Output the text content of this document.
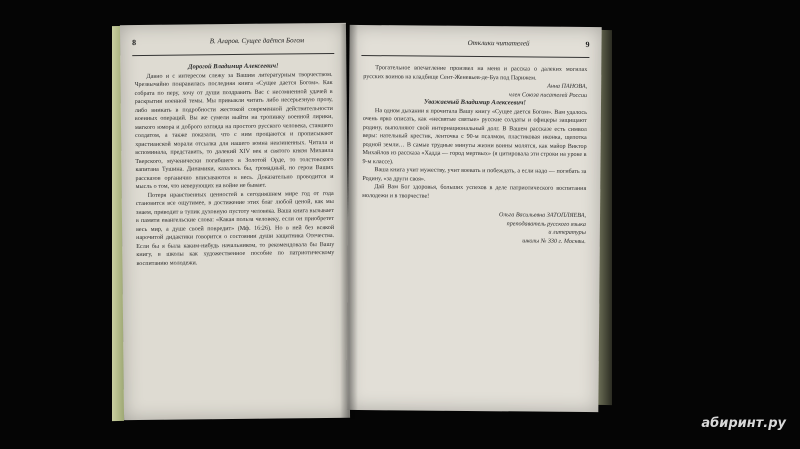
8	В. Агаров. Сущее даётся Богом

Дорогой Владимир Алексеевич!

Давно и с интересом слежу за Вашим литературным творчеством. Чрезвычайно понравилась последняя книга «Сущее дается Богом». Как собрата по перу, хочу от души поздравить Вас с несомненной удачей в раскрытии военной темы. Мы привыкли читать либо несерьезную прозу, либо вникать в подробности жестокой современной действительности военных операций. Вы же сумели выйти на тропинку военной лирики, мягкого юмора и доброго взгляда на простого русского человека, ставшего солдатом, а также показали, что с ним прощаются и прописывают христианской морали отсылка для нашего воина невзиненных. Читала и вспоминала, представить, то далекий XIV век и святого князя Михаила Тверского, мученически погибшего в Золотой Орде, то толстовского капитана Тушина. Динамики, казалось бы, громадный, но герои Ваших рассказов органично вписываются в весь. Доказательно проводится и мысль о том, что неверующих на войне не бывает.

Потеря нравственных ценностей в сегодняшнем мире год от года становится все ощутимее, в достижение этих благ любой ценой, как мы знаем, приводит в тупик духовную пустоту человека. Ваша книга вызывает в памяти евангельские слова: «Какая польза человеку, если он приобретет весь мир, а душе своей повредит» (Мф. 16:26). Но в ней без всякой нарочитой дидактики говорится о состоянии души защитника Отечества. Если бы я была каким-нибудь начальником, то рекомендовала бы Вашу книгу, в школы как художественное пособие по патриотическому воспитанию молодежи.

Отклики читателей	9

Трогательное впечатление произвел на меня и рассказ о далеких могилах русских воинов на кладбище Сент-Женевьев-де-Буа под Парижем.

Анна ПАНОВА,

член Союза писателей России

Уважаемый Владимир Алексеевич!

На одном дыхании я прочитала Вашу книгу «Сущее дается Богом». Вам удалось очень ярко описать, как «несвятые святые» русские солдаты и офицеры защищают родину, выполняют свой интернациональный долг. В Вашем рассказе есть символ веры: нательный крестик, ленточка с 90-м псалмом, пластиковая иконка, щепотка родной земли… В самые трудные минуты жизни воины молятся, как майор Виктор Михайлов из рассказа «Хадда — город мертвых» (я цитировала эти строки на уроке в 9-м классе).

Ваша книга учит мужеству, учит воевать и побеждать, а если надо — погибать за Родину, «за други своя».

Дай Вам Бог здоровья, больших успехов в деле патриотического воспитания молодежи и в творчестве!

Ольга Васильевна ЗАТОПЛЯЕВА,

преподаватель русского языка

и литературы

школы № 330 г. Москвы.

абиринт.ру
